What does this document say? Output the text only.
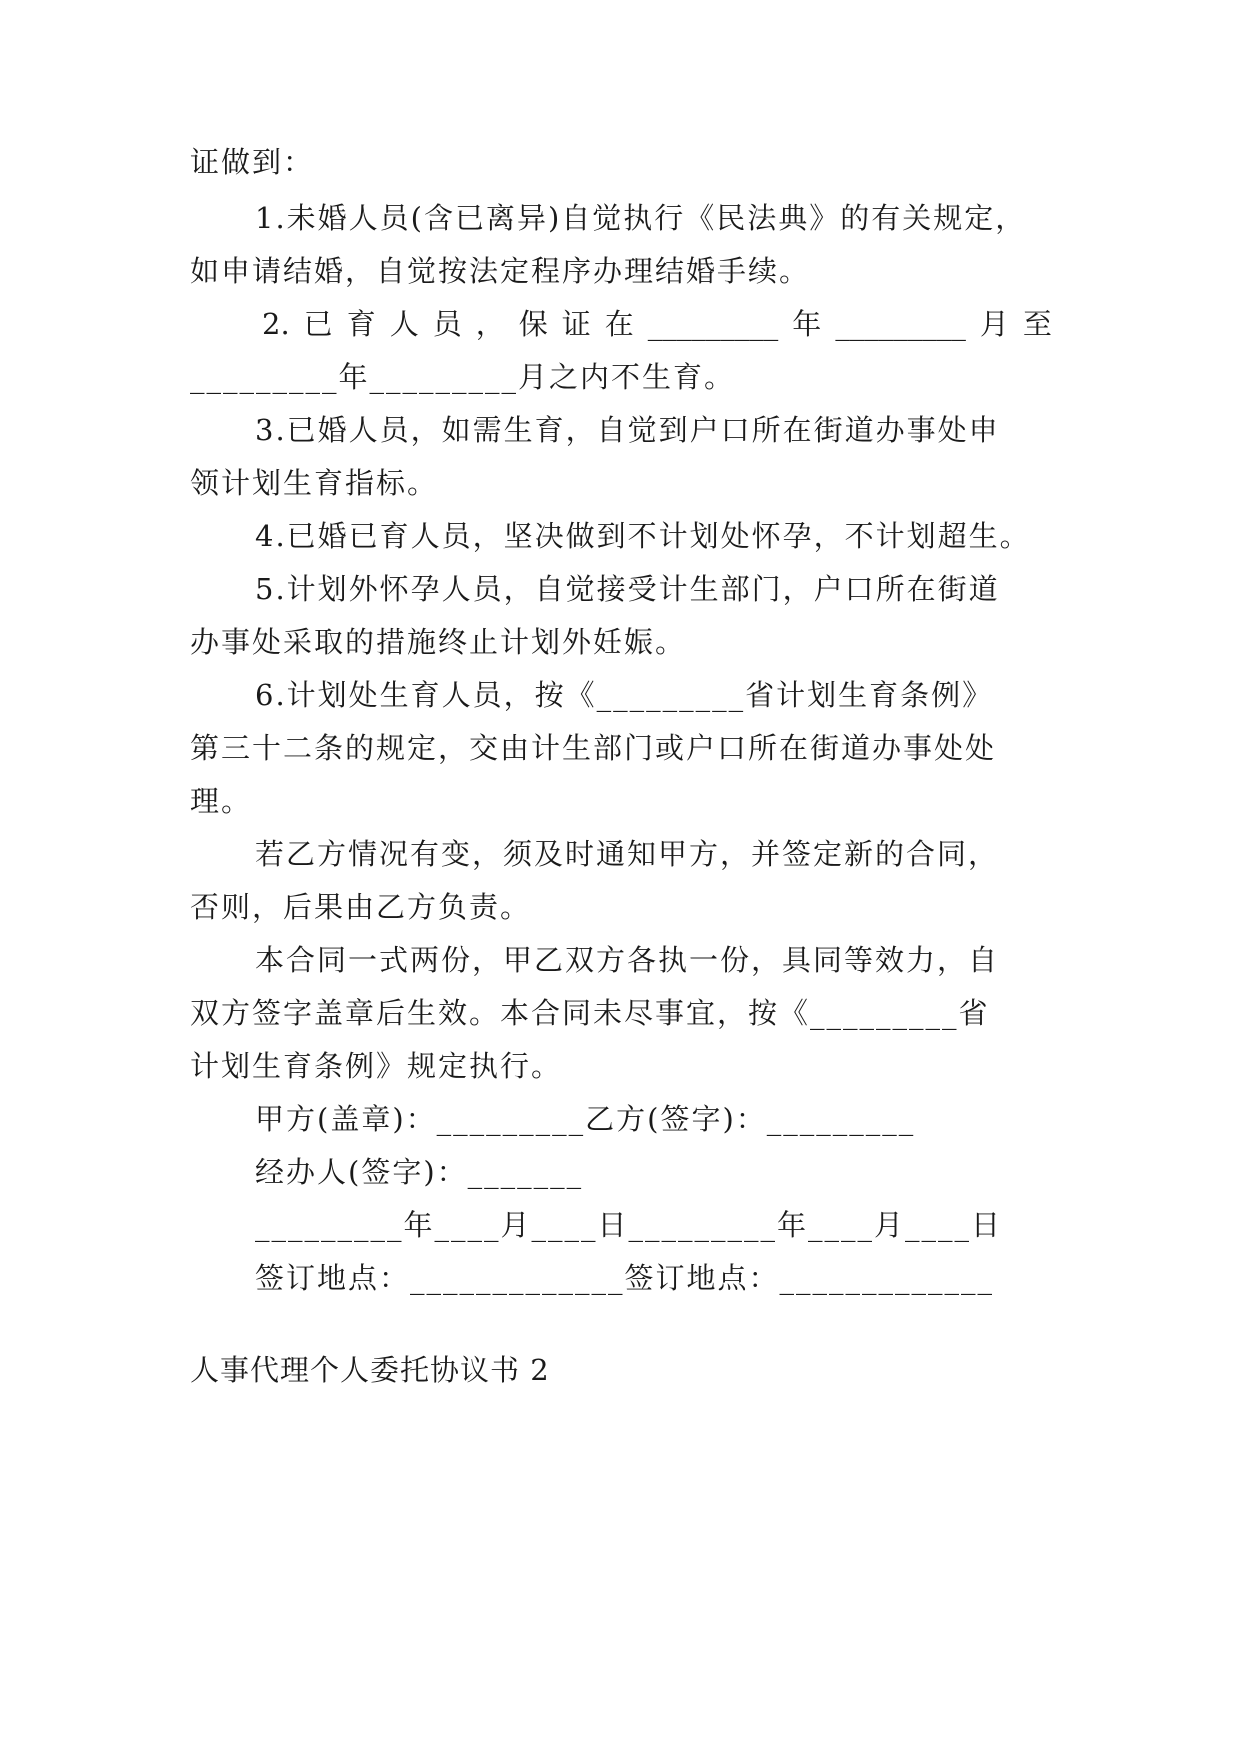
证做到：
1.未婚人员(含已离异)自觉执行《民法典》的有关规定，
如申请结婚，自觉按法定程序办理结婚手续。
2. 已 育 人 员 ， 保 证 在 _________ 年 _________ 月 至
_________年_________月之内不生育。
3.已婚人员，如需生育，自觉到户口所在街道办事处申
领计划生育指标。
4.已婚已育人员，坚决做到不计划处怀孕，不计划超生。
5.计划外怀孕人员，自觉接受计生部门，户口所在街道
办事处采取的措施终止计划外妊娠。
6.计划处生育人员，按《_________省计划生育条例》
第三十二条的规定，交由计生部门或户口所在街道办事处处
理。
若乙方情况有变，须及时通知甲方，并签定新的合同，
否则，后果由乙方负责。
本合同一式两份，甲乙双方各执一份，具同等效力，自
双方签字盖章后生效。本合同未尽事宜，按《_________省
计划生育条例》规定执行。
甲方(盖章)：_________乙方(签字)：_________
经办人(签字)：_______
_________年____月____日_________年____月____日
签订地点：_____________签订地点：_____________
人事代理个人委托协议书 2
